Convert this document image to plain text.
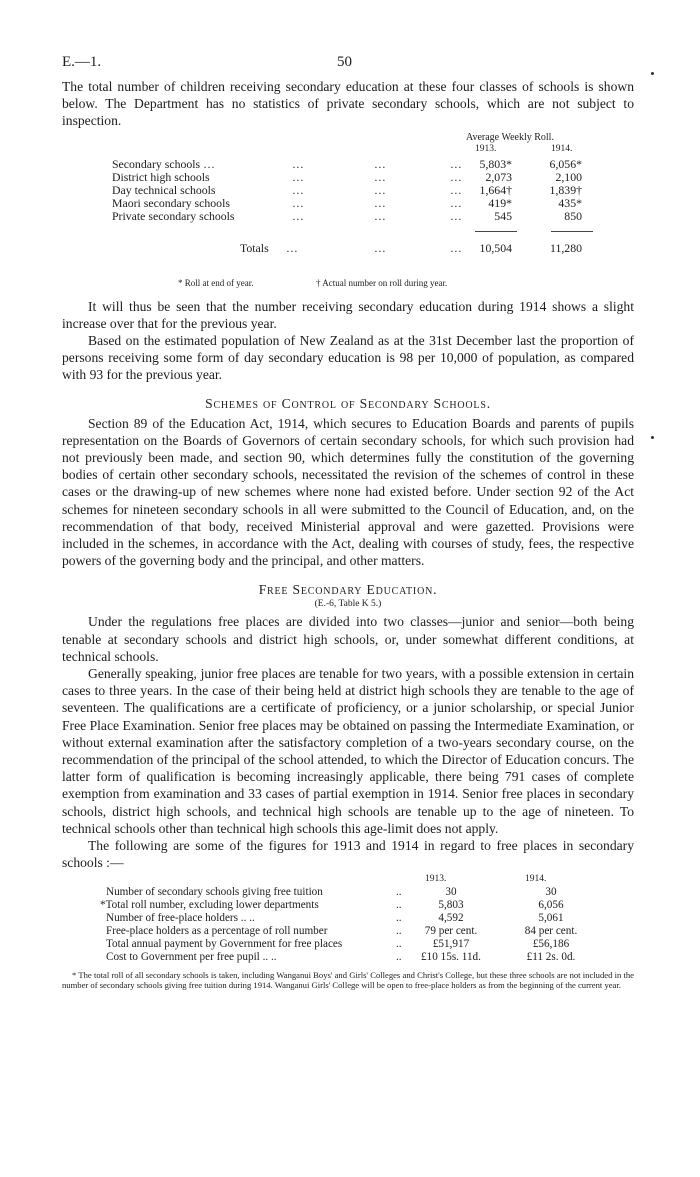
E.—1.	50

The total number of children receiving secondary education at these four classes of schools is shown below. The Department has no statistics of private secondary schools, which are not subject to inspection.

Average Weekly Roll.
1913.	1914.
Secondary schools …	…	…	…	5,803*	6,056*
District high schools	…	…	…	2,073	2,100
Day technical schools	…	…	…	1,664†	1,839†
Maori secondary schools	…	…	…	419*	435*
Private secondary schools	…	…	…	545	850
Totals …	…	…	10,504	11,280
* Roll at end of year.	† Actual number on roll during year.

It will thus be seen that the number receiving secondary education during 1914 shows a slight increase over that for the previous year.

Based on the estimated population of New Zealand as at the 31st December last the proportion of persons receiving some form of day secondary education is 98 per 10,000 of population, as compared with 93 for the previous year.

Schemes of Control of Secondary Schools.

Section 89 of the Education Act, 1914, which secures to Education Boards and parents of pupils representation on the Boards of Governors of certain secondary schools, for which such provision had not previously been made, and section 90, which determines fully the constitution of the governing bodies of certain other secondary schools, necessitated the revision of the schemes of control in these cases or the drawing-up of new schemes where none had existed before. Under section 92 of the Act schemes for nineteen secondary schools in all were submitted to the Council of Education, and, on the recommendation of that body, received Ministerial approval and were gazetted. Provisions were included in the schemes, in accordance with the Act, dealing with courses of study, fees, the respective powers of the governing body and the principal, and other matters.

Free Secondary Education.

(E.-6, Table K 5.)

Under the regulations free places are divided into two classes—junior and senior—both being tenable at secondary schools and district high schools, or, under somewhat different conditions, at technical schools.

Generally speaking, junior free places are tenable for two years, with a possible extension in certain cases to three years. In the case of their being held at district high schools they are tenable to the age of seventeen. The qualifications are a certificate of proficiency, or a junior scholarship, or special Junior Free Place Examination. Senior free places may be obtained on passing the Intermediate Examination, or without external examination after the satisfactory completion of a two-years secondary course, on the recommendation of the principal of the school attended, to which the Director of Education concurs. The latter form of qualification is becoming increasingly applicable, there being 791 cases of complete exemption from examination and 33 cases of partial exemption in 1914. Senior free places in secondary schools, district high schools, and technical high schools are tenable up to the age of nineteen. To technical schools other than technical high schools this age-limit does not apply.

The following are some of the figures for 1913 and 1914 in regard to free places in secondary schools :—

1913.	1914.
Number of secondary schools giving free tuition	..	30	30
*Total roll number, excluding lower departments	..	5,803	6,056
Number of free-place holders .. ..	..	4,592	5,061
Free-place holders as a percentage of roll number	..	79 per cent.	84 per cent.
Total annual payment by Government for free places	..	£51,917	£56,186
Cost to Government per free pupil .. ..	..	£10 15s. 11d.	£11 2s. 0d.

* The total roll of all secondary schools is taken, including Wanganui Boys' and Girls' Colleges and Christ's College, but these three schools are not included in the number of secondary schools giving free tuition during 1914. Wanganui Girls' College will be open to free-place holders as from the beginning of the current year.
